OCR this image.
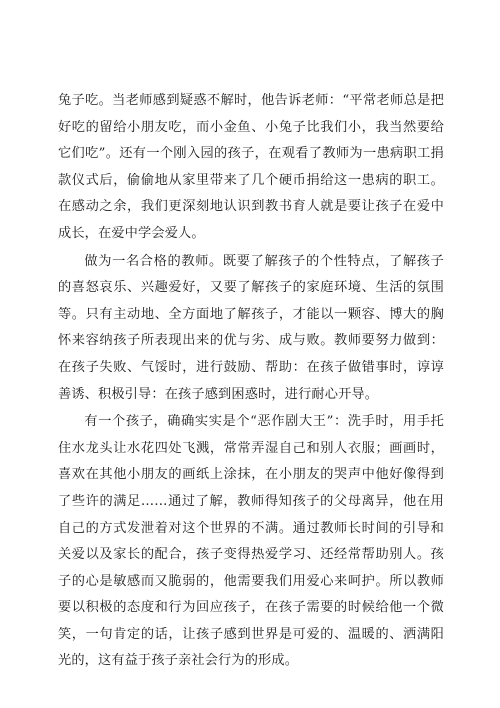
兔子吃。当老师感到疑惑不解时，他告诉老师：“平常老师总是把好吃的留给小朋友吃，而小金鱼、小兔子比我们小，我当然要给它们吃”。还有一个刚入园的孩子，在观看了教师为一患病职工捐款仪式后，偷偷地从家里带来了几个硬币捐给这一患病的职工。在感动之余，我们更深刻地认识到教书育人就是要让孩子在爱中成长，在爱中学会爱人。

做为一名合格的教师。既要了解孩子的个性特点，了解孩子的喜怒哀乐、兴趣爱好，又要了解孩子的家庭环境、生活的氛围等。只有主动地、全方面地了解孩子，才能以一颗容、博大的胸怀来容纳孩子所表现出来的优与劣、成与败。教师要努力做到：在孩子失败、气馁时，进行鼓励、帮助：在孩子做错事时，谆谆善诱、积极引导：在孩子感到困惑时，进行耐心开导。

有一个孩子，确确实实是个“恶作剧大王”：洗手时，用手托住水龙头让水花四处飞溅，常常弄湿自己和别人衣服；画画时，喜欢在其他小朋友的画纸上涂抹，在小朋友的哭声中他好像得到了些许的满足……通过了解，教师得知孩子的父母离异，他在用自己的方式发泄着对这个世界的不满。通过教师长时间的引导和关爱以及家长的配合，孩子变得热爱学习、还经常帮助别人。孩子的心是敏感而又脆弱的，他需要我们用爱心来呵护。所以教师要以积极的态度和行为回应孩子，在孩子需要的时候给他一个微笑，一句肯定的话，让孩子感到世界是可爱的、温暖的、洒满阳光的，这有益于孩子亲社会行为的形成。
